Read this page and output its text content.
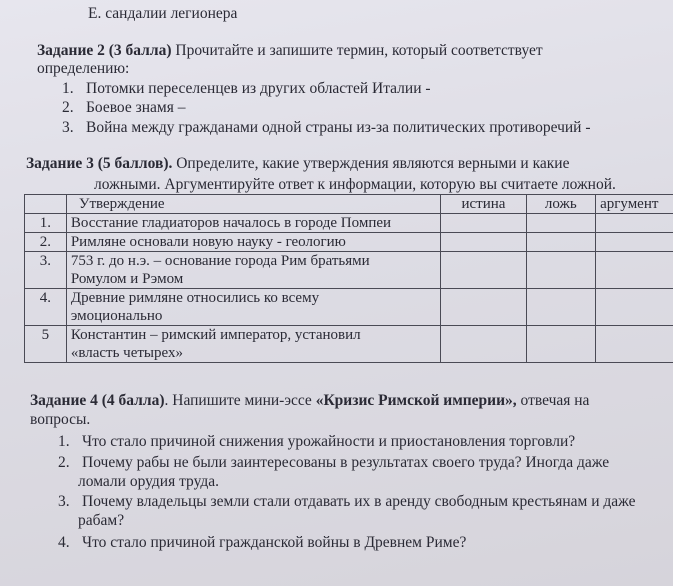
E. сандалии легионера
Задание 2 (3 балла) Прочитайте и запишите термин, который соответствует
определению:
1. Потомки переселенцев из других областей Италии -
2. Боевое знамя –
3. Война между гражданами одной страны из-за политических противоречий -
Задание 3 (5 баллов). Определите, какие утверждения являются верными и какие
ложными. Аргументируйте ответ к информации, которую вы считаете ложной.
	Утверждение	истина	ложь	аргумент
1.	Восстание гладиаторов началось в городе Помпеи			
2.	Римляне основали новую науку - геологию			
3.	753 г. до н.э. – основание города Рим братьями
Ромулом и Рэмом			

4.	Древние римляне относились ко всему
эмоционально			

5	Константин – римский император, установил
«власть четырех»			

Задание 4 (4 балла). Напишите мини-эссе «Кризис Римской империи», отвечая на
вопросы.
1. Что стало причиной снижения урожайности и приостановления торговли?
2. Почему рабы не были заинтересованы в результатах своего труда? Иногда даже
ломали орудия труда.
3. Почему владельцы земли стали отдавать их в аренду свободным крестьянам и даже
рабам?
4. Что стало причиной гражданской войны в Древнем Риме?
